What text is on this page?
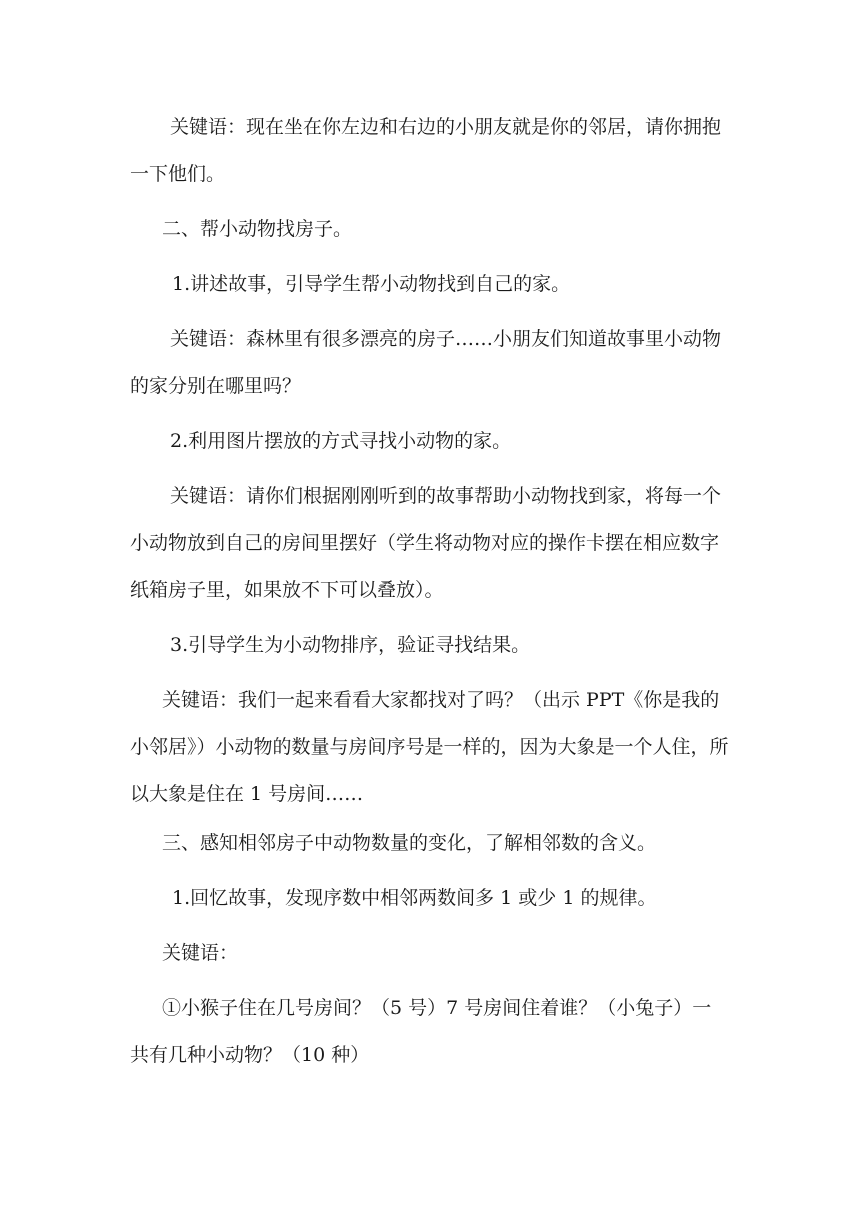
关键语：现在坐在你左边和右边的小朋友就是你的邻居，请你拥抱一下他们。

二、帮小动物找房子。

1.讲述故事，引导学生帮小动物找到自己的家。

关键语：森林里有很多漂亮的房子……小朋友们知道故事里小动物的家分别在哪里吗？

2.利用图片摆放的方式寻找小动物的家。

关键语：请你们根据刚刚听到的故事帮助小动物找到家，将每一个小动物放到自己的房间里摆好（学生将动物对应的操作卡摆在相应数字纸箱房子里，如果放不下可以叠放）。

3.引导学生为小动物排序，验证寻找结果。

关键语：我们一起来看看大家都找对了吗？（出示 PPT《你是我的小邻居》）小动物的数量与房间序号是一样的，因为大象是一个人住，所以大象是住在 1 号房间……

三、感知相邻房子中动物数量的变化，了解相邻数的含义。

1.回忆故事，发现序数中相邻两数间多 1 或少 1 的规律。

关键语：

①小猴子住在几号房间？（5 号）7 号房间住着谁？（小兔子）一共有几种小动物？（10 种）
